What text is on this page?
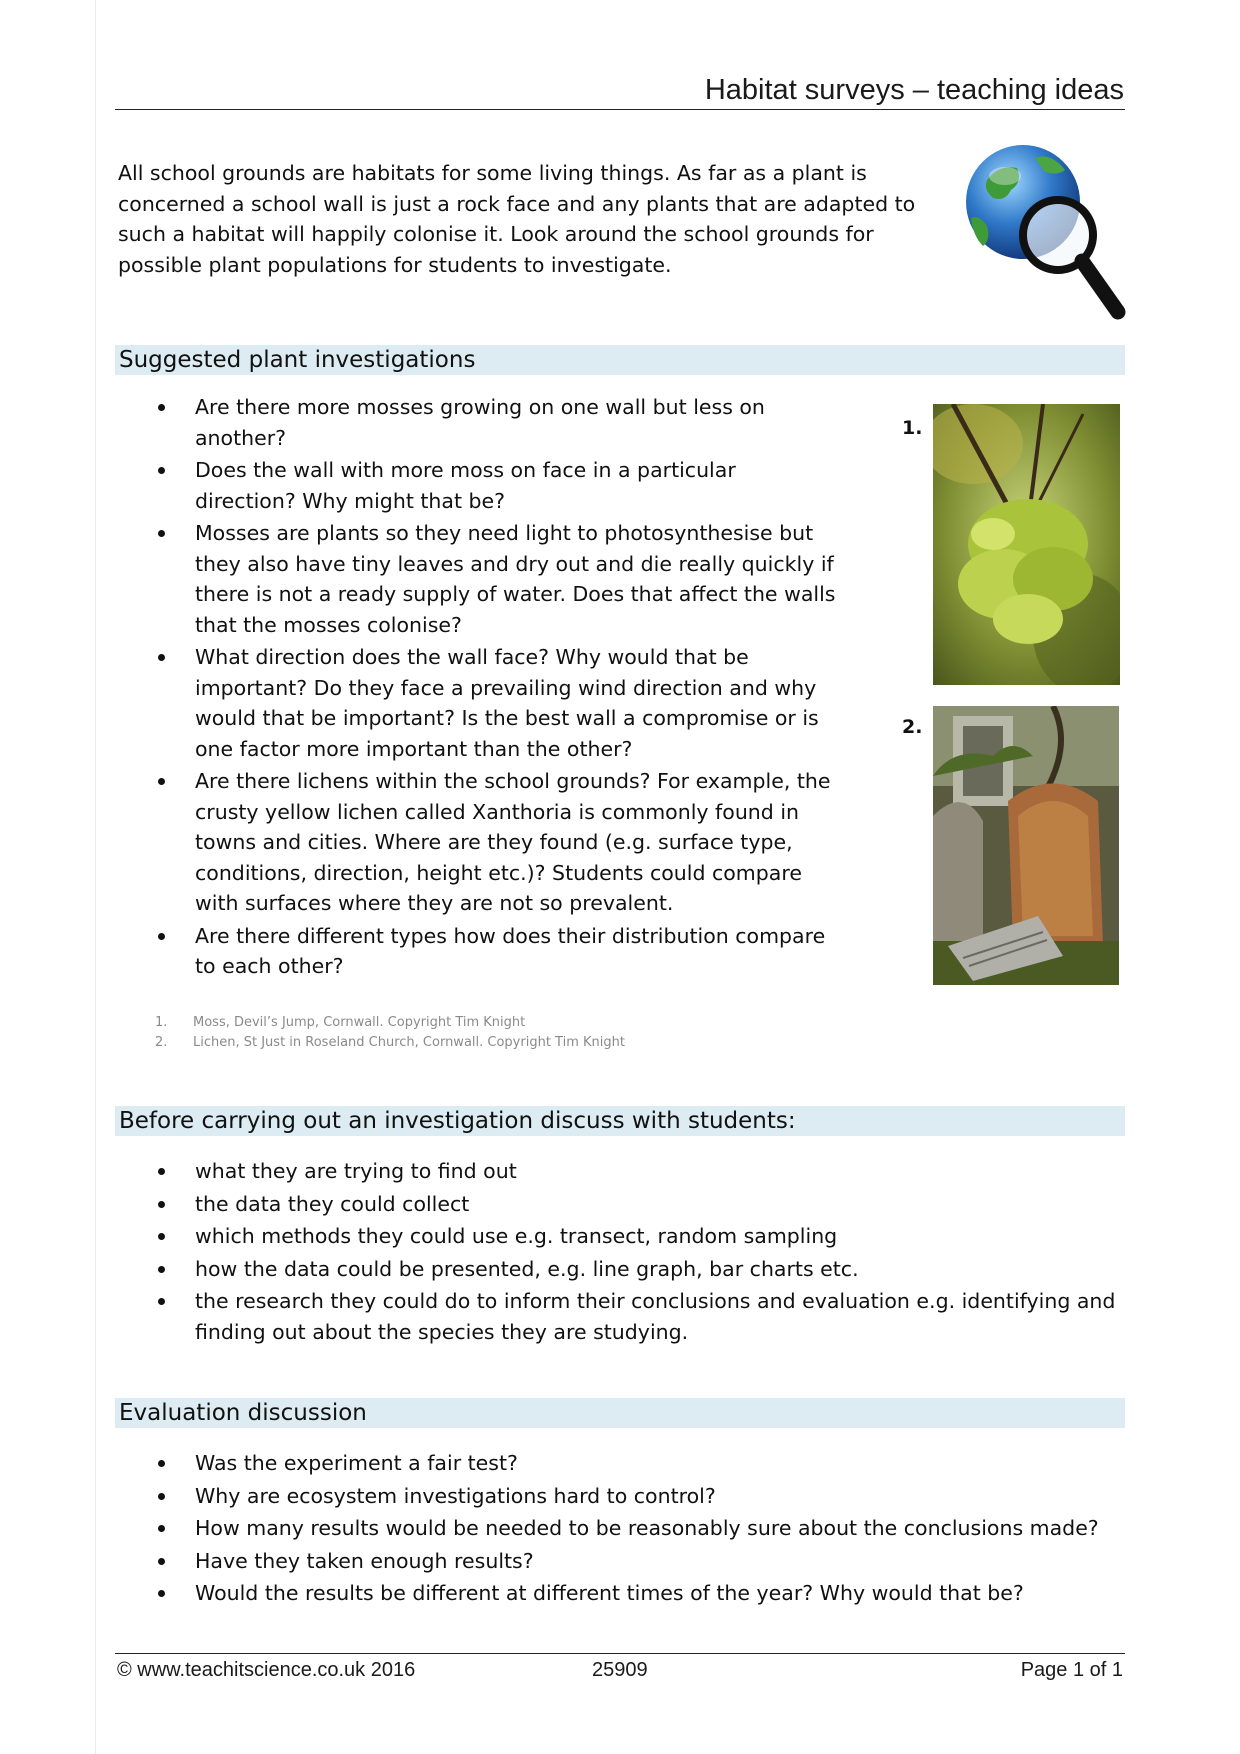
Habitat surveys – teaching ideas

All school grounds are habitats for some living things. As far as a plant is concerned a school wall is just a rock face and any plants that are adapted to such a habitat will happily colonise it. Look around the school grounds for possible plant populations for students to investigate.

Suggested plant investigations
Are there more mosses growing on one wall but less on another?
Does the wall with more moss on face in a particular direction? Why might that be?
Mosses are plants so they need light to photosynthesise but they also have tiny leaves and dry out and die really quickly if there is not a ready supply of water. Does that affect the walls that the mosses colonise?
What direction does the wall face? Why would that be important? Do they face a prevailing wind direction and why would that be important? Is the best wall a compromise or is one factor more important than the other?
Are there lichens within the school grounds? For example, the crusty yellow lichen called Xanthoria is commonly found in towns and cities. Where are they found (e.g. surface type, conditions, direction, height etc.)? Students could compare with surfaces where they are not so prevalent.
Are there different types how does their distribution compare to each other?
1.
2.
1. Moss, Devil’s Jump, Cornwall. Copyright Tim Knight
2. Lichen, St Just in Roseland Church, Cornwall. Copyright Tim Knight
Before carrying out an investigation discuss with students:
what they are trying to find out
the data they could collect
which methods they could use e.g. transect, random sampling
how the data could be presented, e.g. line graph, bar charts etc.
the research they could do to inform their conclusions and evaluation e.g. identifying and finding out about the species they are studying.
Evaluation discussion
Was the experiment a fair test?
Why are ecosystem investigations hard to control?
How many results would be needed to be reasonably sure about the conclusions made?
Have they taken enough results?
Would the results be different at different times of the year? Why would that be?
© www.teachitscience.co.uk 2016	25909	Page 1 of 1
